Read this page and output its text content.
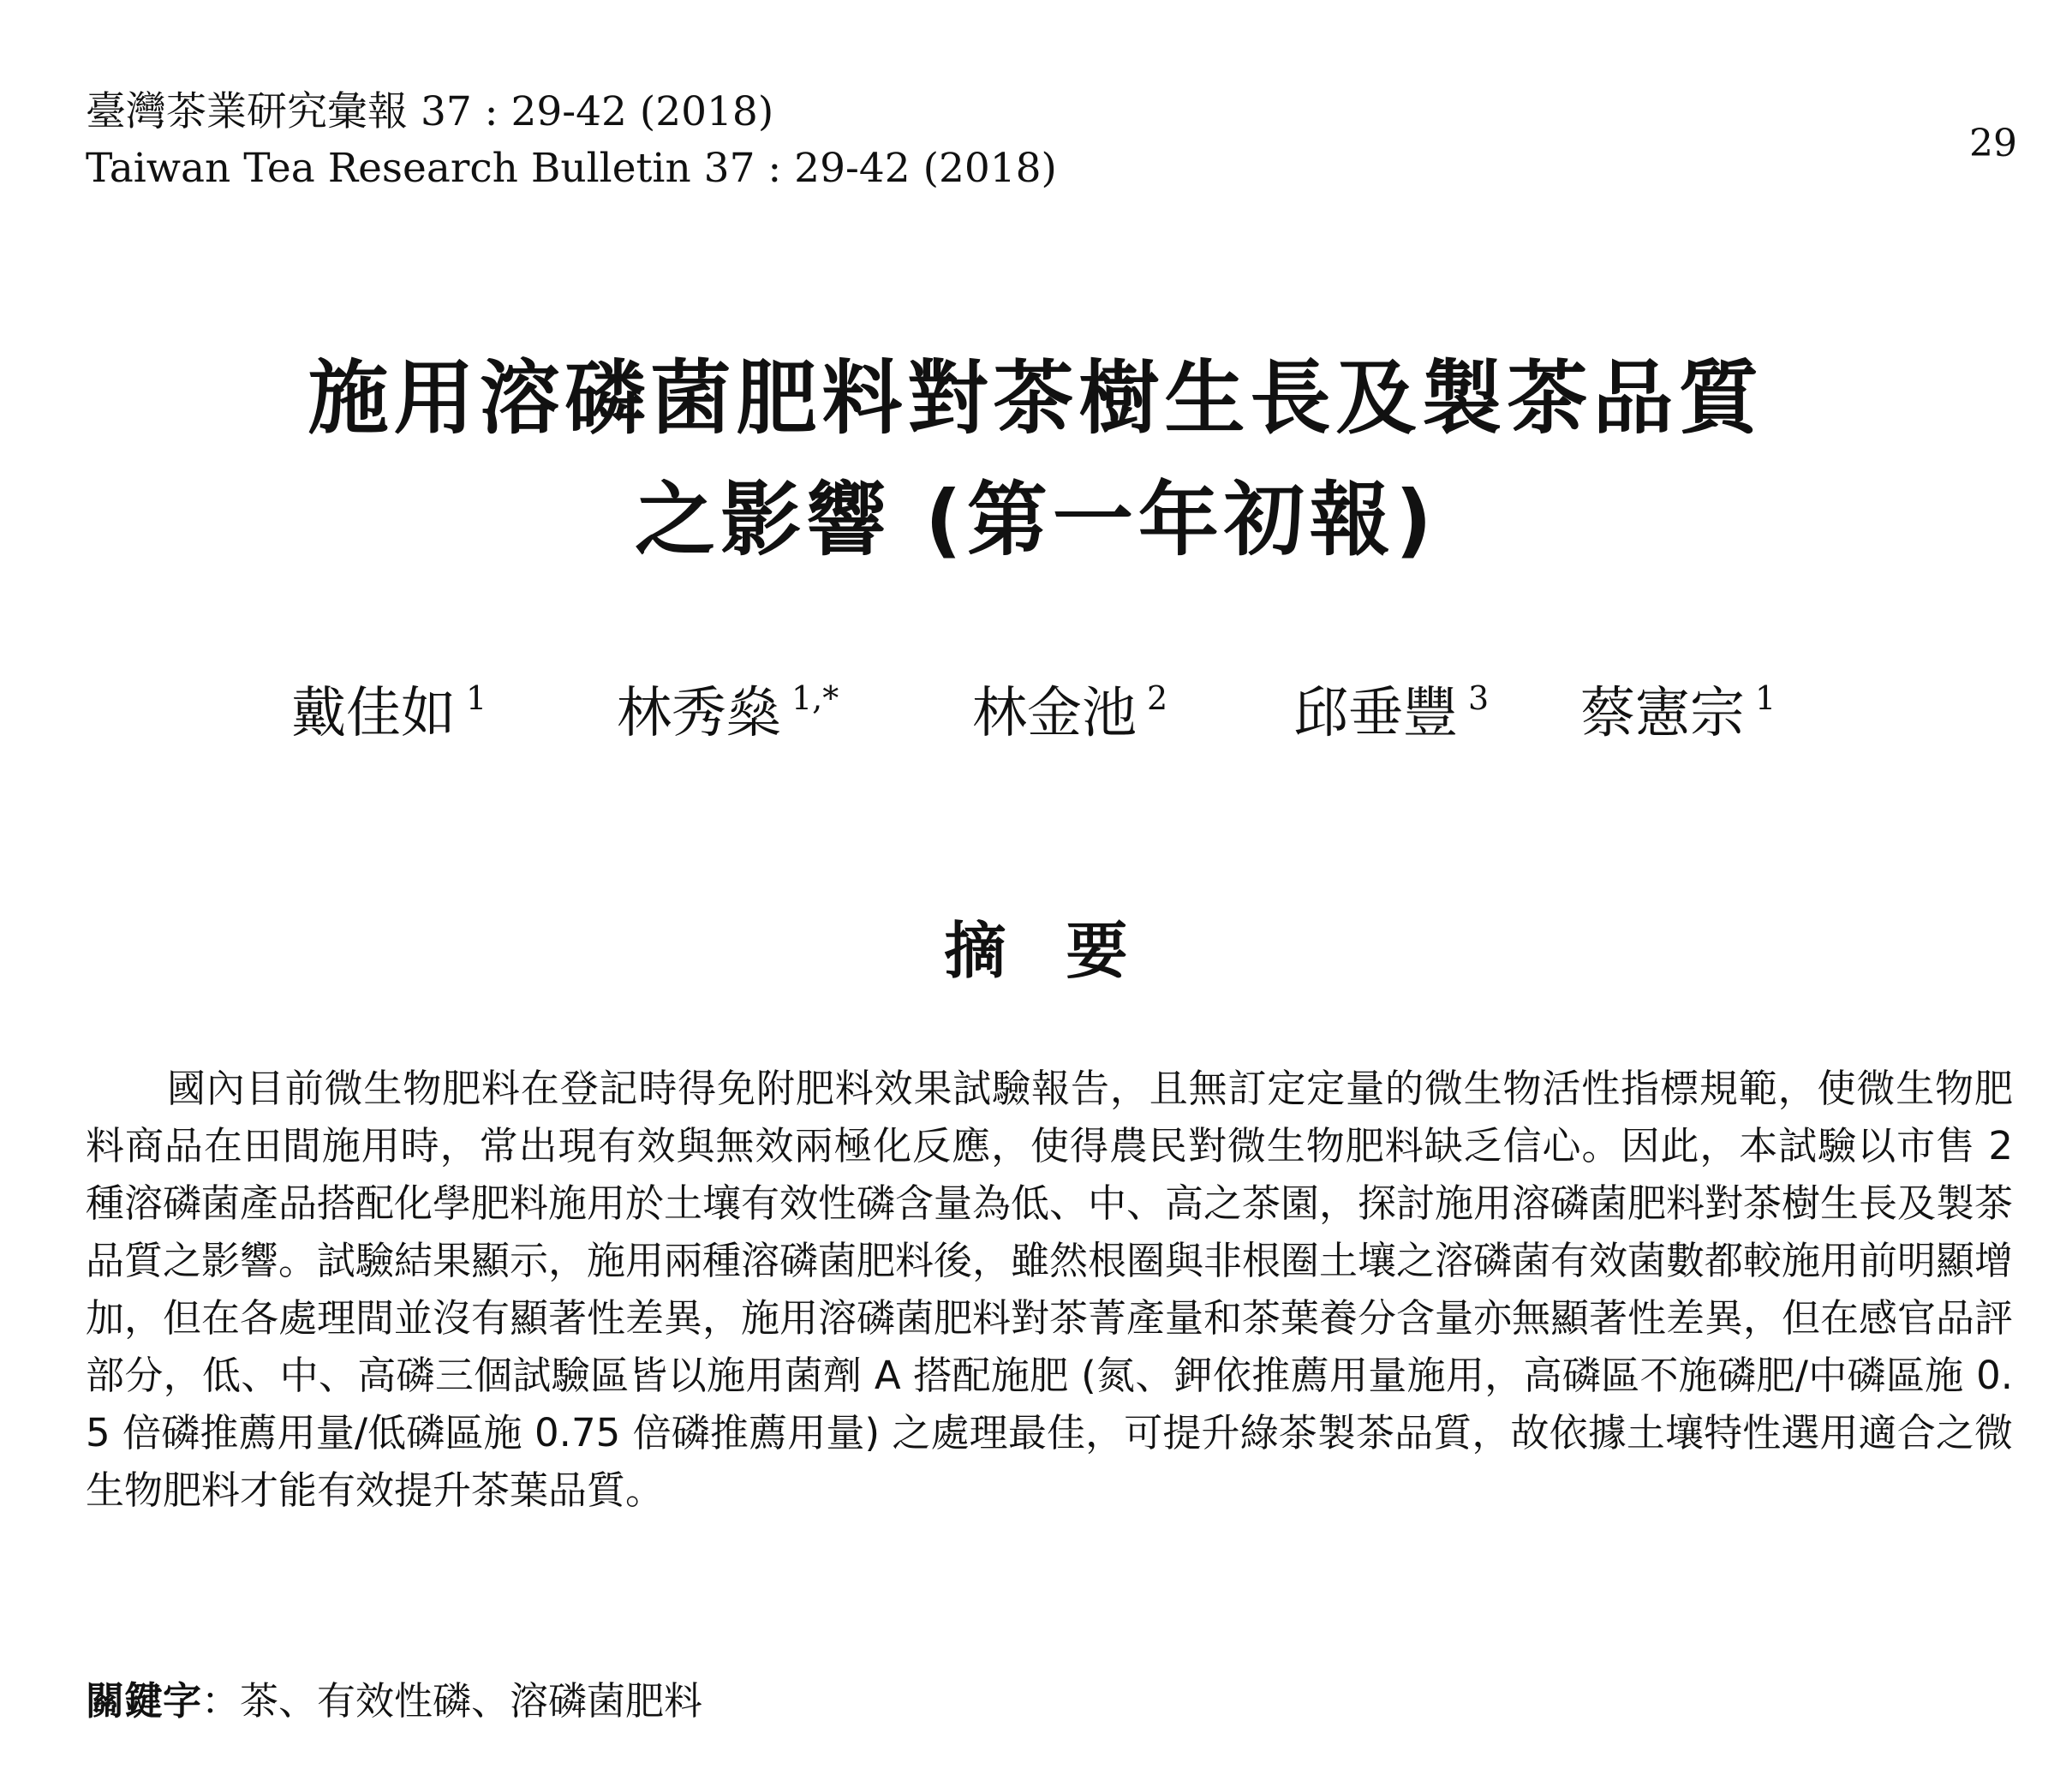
臺灣茶業研究彙報 37 : 29-42 (2018)
Taiwan Tea Research Bulletin 37 : 29-42 (2018)
29
施用溶磷菌肥料對茶樹生長及製茶品質
之影響 (第一年初報)
戴佳如 $^1$ 林秀燊 $^{1,*}$ 林金池 $^2$ 邱垂豐 $^3$ 蔡憲宗 $^1$
摘要
國內目前微生物肥料在登記時得免附肥料效果試驗報告，且無訂定定量的微生物活性指標規範，使微生物肥料商品在田間施用時，常出現有效與無效兩極化反應，使得農民對微生物肥料缺乏信心。因此，本試驗以市售 2 種溶磷菌產品搭配化學肥料施用於土壤有效性磷含量為低、中、高之茶園，探討施用溶磷菌肥料對茶樹生長及製茶品質之影響。試驗結果顯示，施用兩種溶磷菌肥料後，雖然根圈與非根圈土壤之溶磷菌有效菌數都較施用前明顯增加，但在各處理間並沒有顯著性差異，施用溶磷菌肥料對茶菁產量和茶葉養分含量亦無顯著性差異，但在感官品評部分，低、中、高磷三個試驗區皆以施用菌劑 A 搭配施肥 (氮、鉀依推薦用量施用，高磷區不施磷肥/中磷區施 0.5 倍磷推薦用量/低磷區施 0.75 倍磷推薦用量) 之處理最佳，可提升綠茶製茶品質，故依據土壤特性選用適合之微生物肥料才能有效提升茶葉品質。
關鍵字：茶、有效性磷、溶磷菌肥料
